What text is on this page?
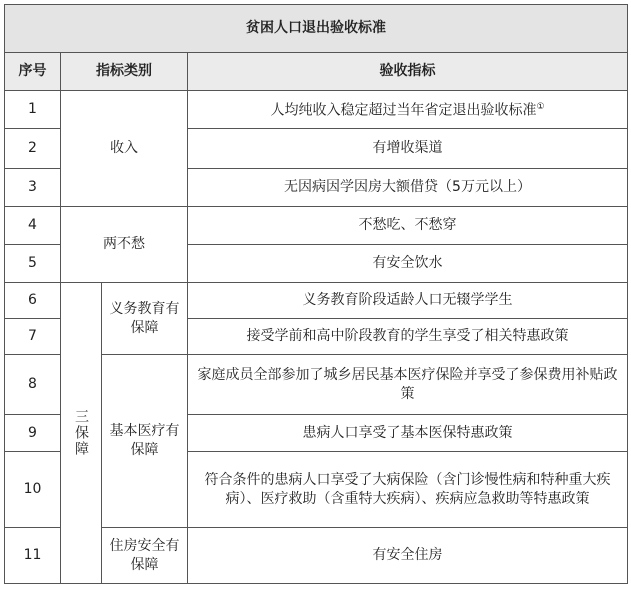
贫困人口退出验收标准			
序号	指标类别		验收指标
1	收入		人均纯收入稳定超过当年省定退出验收标准①
2			有增收渠道
3			无因病因学因房大额借贷（5万元以上）
4	两不愁		不愁吃、不愁穿
5			有安全饮水
6	三保障	义务教育有保障	义务教育阶段适龄人口无辍学学生
7			接受学前和高中阶段教育的学生享受了相关特惠政策
8		基本医疗有保障	家庭成员全部参加了城乡居民基本医疗保险并享受了参保费用补贴政策
9			患病人口享受了基本医保特惠政策
10			符合条件的患病人口享受了大病保险（含门诊慢性病和特种重大疾病）、医疗救助（含重特大疾病）、疾病应急救助等特惠政策
11		住房安全有保障	有安全住房
